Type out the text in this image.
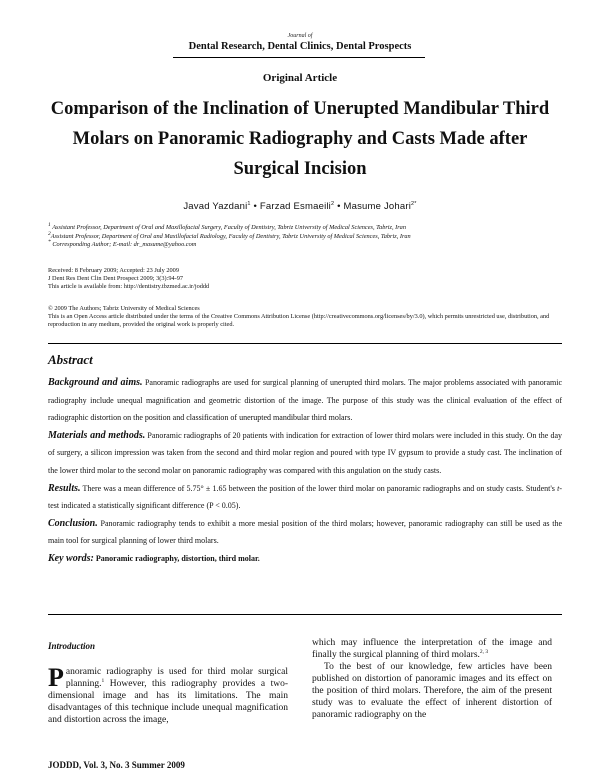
Journal of
Dental Research, Dental Clinics, Dental Prospects
Original Article
Comparison of the Inclination of Unerupted Mandibular Third
Molars on Panoramic Radiography and Casts Made after
Surgical Incision
Javad Yazdani$^1$ • Farzad Esmaeili$^2$ • Masume Johari$^{2*}$
$^1$ Assistant Professor, Department of Oral and Maxillofacial Surgery, Faculty of Dentistry, Tabriz University of Medical Sciences, Tabriz, Iran
$^2$Assistant Professor, Department of Oral and Maxillofacial Radiology, Faculty of Dentistry, Tabriz University of Medical Sciences, Tabriz, Iran
* Corresponding Author; E-mail: dr_masume@yahoo.com
Received: 8 February 2009; Accepted: 23 July 2009
J Dent Res Dent Clin Dent Prospect 2009; 3(3):94-97
This article is available from: http://dentistry.tbzmed.ac.ir/joddd
© 2009 The Authors; Tabriz University of Medical Sciences
This is an Open Access article distributed under the terms of the Creative Commons Attribution License (http://creativecommons.org/licenses/by/3.0), which permits unrestricted use, distribution, and reproduction in any medium, provided the original work is properly cited.
Abstract

Background and aims. Panoramic radiographs are used for surgical planning of unerupted third molars. The major problems associated with panoramic radiography include unequal magnification and geometric distortion of the image. The purpose of this study was the clinical evaluation of the effect of radiographic distortion on the position and classification of unerupted mandibular third molars.

Materials and methods. Panoramic radiographs of 20 patients with indication for extraction of lower third molars were included in this study. On the day of surgery, a silicon impression was taken from the second and third molar region and poured with type IV gypsum to provide a study cast. The inclination of the lower third molar to the second molar on panoramic radiography was compared with this angulation on the study casts.

Results. There was a mean difference of 5.75° ± 1.65 between the position of the lower third molar on panoramic radiographs and on study casts. Student's t-test indicated a statistically significant difference (P < 0.05).

Conclusion. Panoramic radiography tends to exhibit a more mesial position of the third molars; however, panoramic radiography can still be used as the main tool for surgical planning of lower third molars.

Key words: Panoramic radiography, distortion, third molar.

Introduction

Panoramic radiography is used for third molar surgical planning.$^1$ However, this radiography provides a two-dimensional image and has its limitations. The main disadvantages of this technique include unequal magnification and distortion across the image,

which may influence the interpretation of the image and finally the surgical planning of third molars.$^{2, 3}$

To the best of our knowledge, few articles have been published on distortion of panoramic images and its effect on the position of third molars. Therefore, the aim of the present study was to evaluate the effect of inherent distortion of panoramic radiography on the

JODDD, Vol. 3, No. 3 Summer 2009
